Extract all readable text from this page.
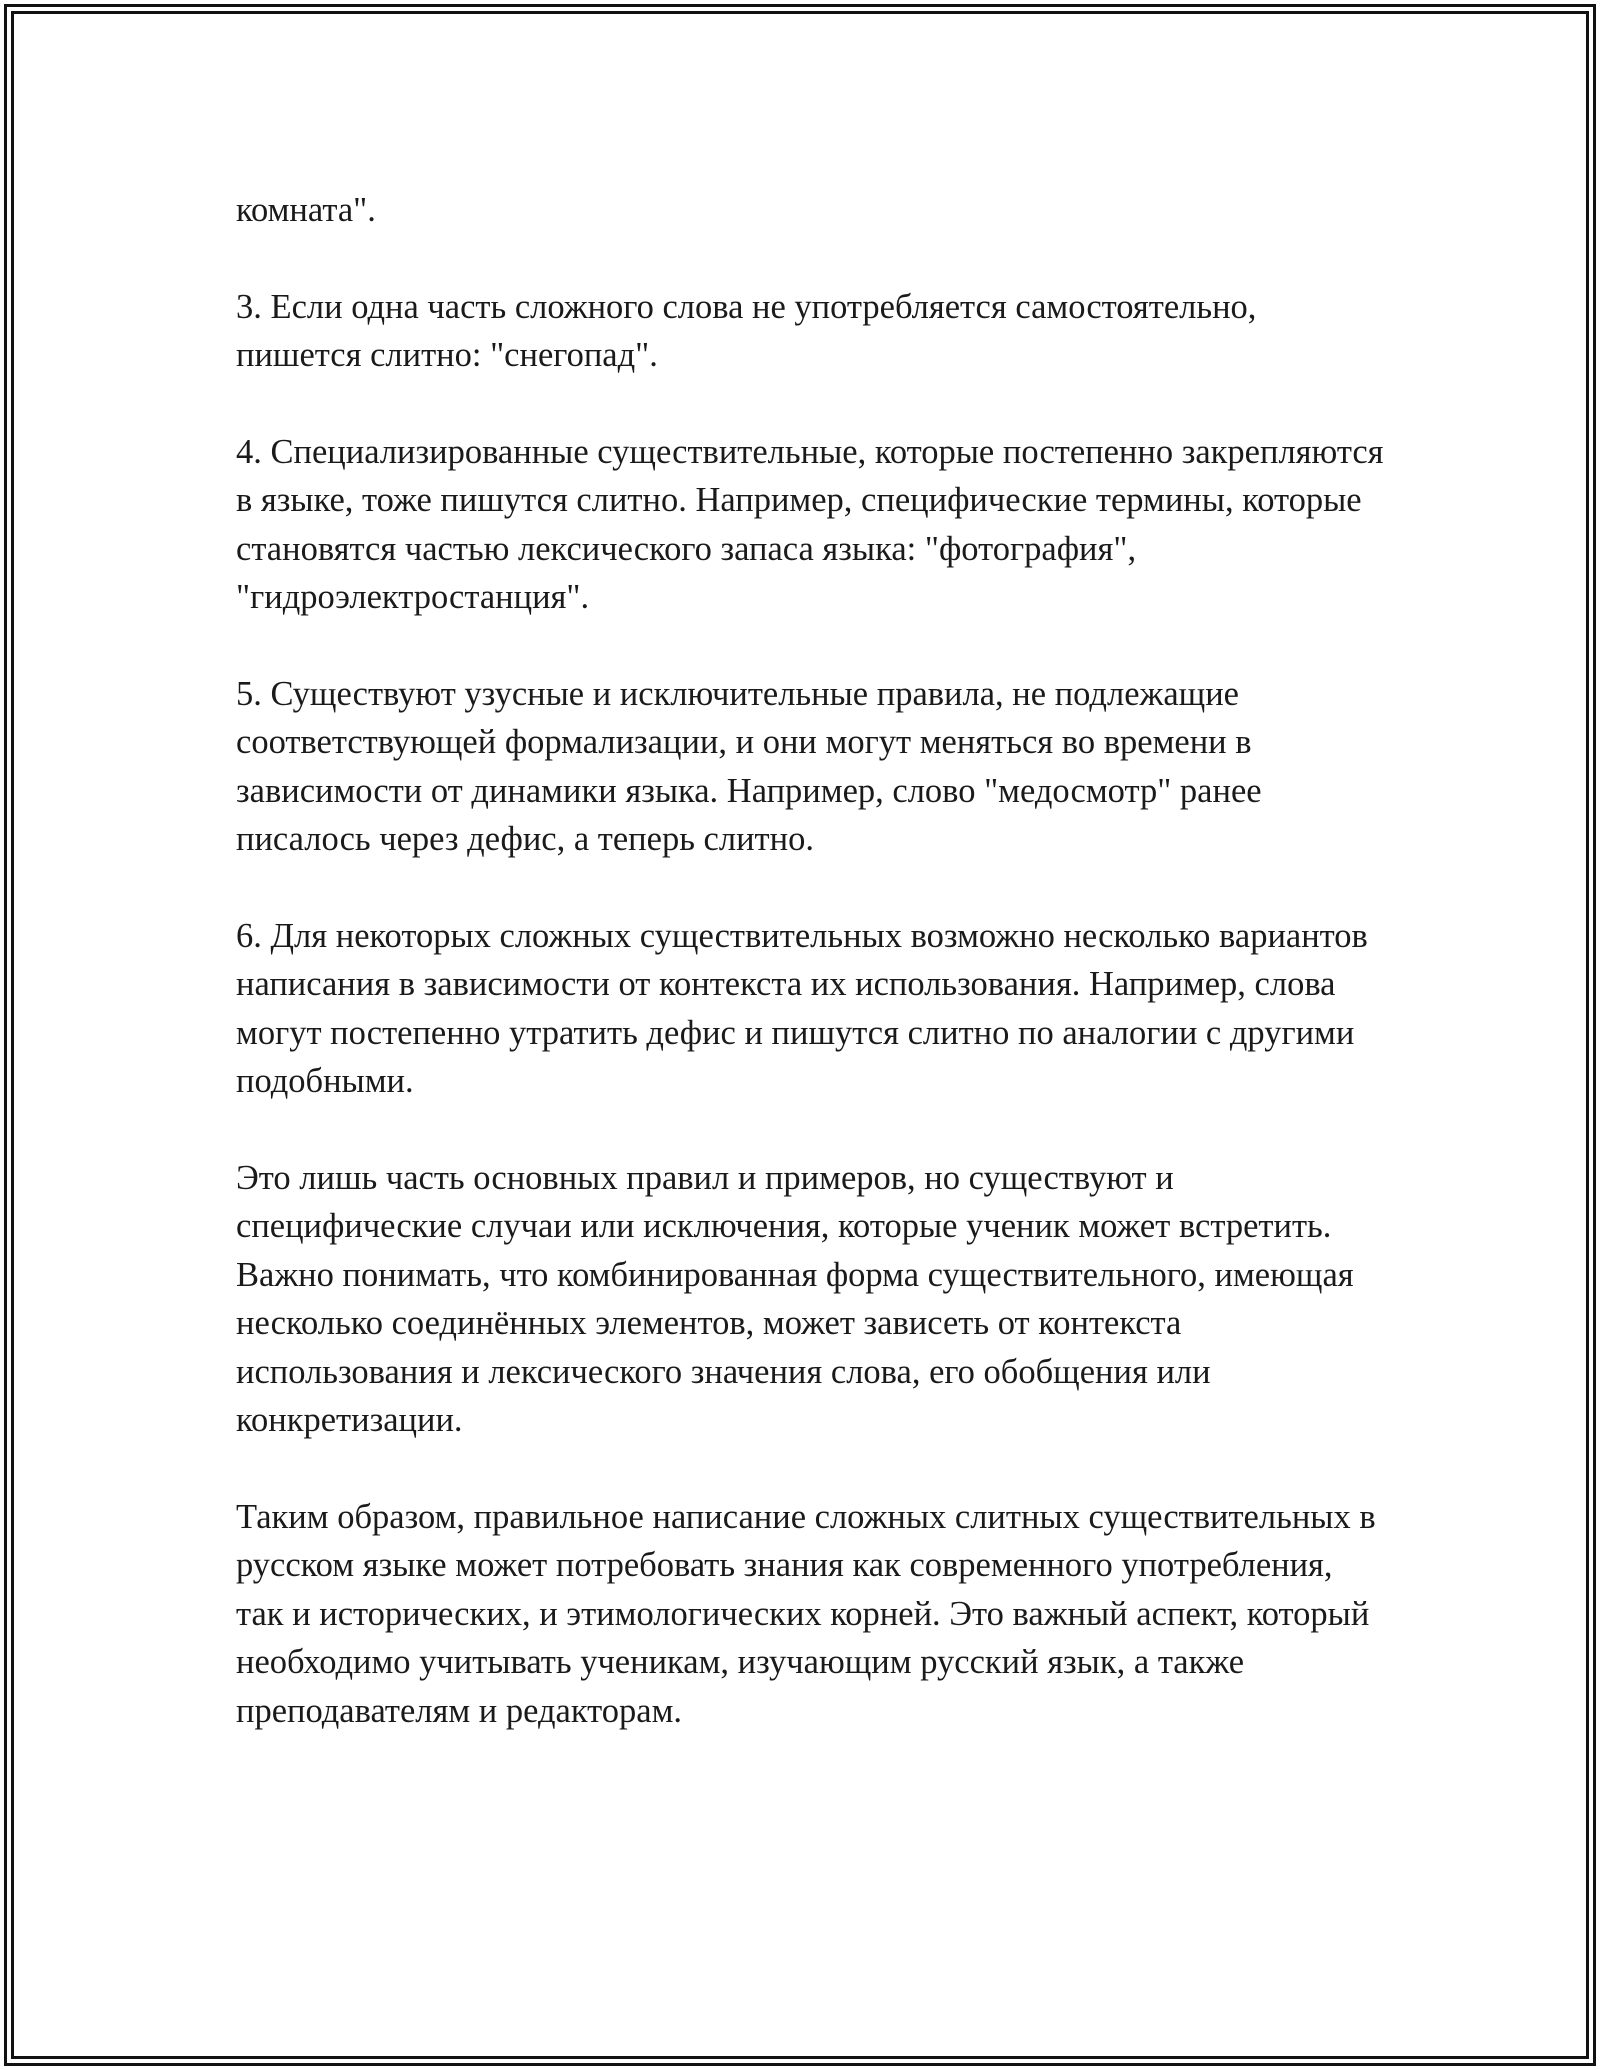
комната".

3. Если одна часть сложного слова не употребляется самостоятельно, пишется слитно: "снегопад".

4. Специализированные существительные, которые постепенно закрепляются в языке, тоже пишутся слитно. Например, специфические термины, которые становятся частью лексического запаса языка: "фотография", "гидроэлектростанция".

5. Существуют узусные и исключительные правила, не подлежащие соответствующей формализации, и они могут меняться во времени в зависимости от динамики языка. Например, слово "медосмотр" ранее писалось через дефис, а теперь слитно.

6. Для некоторых сложных существительных возможно несколько вариантов написания в зависимости от контекста их использования. Например, слова могут постепенно утратить дефис и пишутся слитно по аналогии с другими подобными.

Это лишь часть основных правил и примеров, но существуют и специфические случаи или исключения, которые ученик может встретить. Важно понимать, что комбинированная форма существительного, имеющая несколько соединённых элементов, может зависеть от контекста использования и лексического значения слова, его обобщения или конкретизации.

Таким образом, правильное написание сложных слитных существительных в русском языке может потребовать знания как современного употребления, так и исторических, и этимологических корней. Это важный аспект, который необходимо учитывать ученикам, изучающим русский язык, а также преподавателям и редакторам.
